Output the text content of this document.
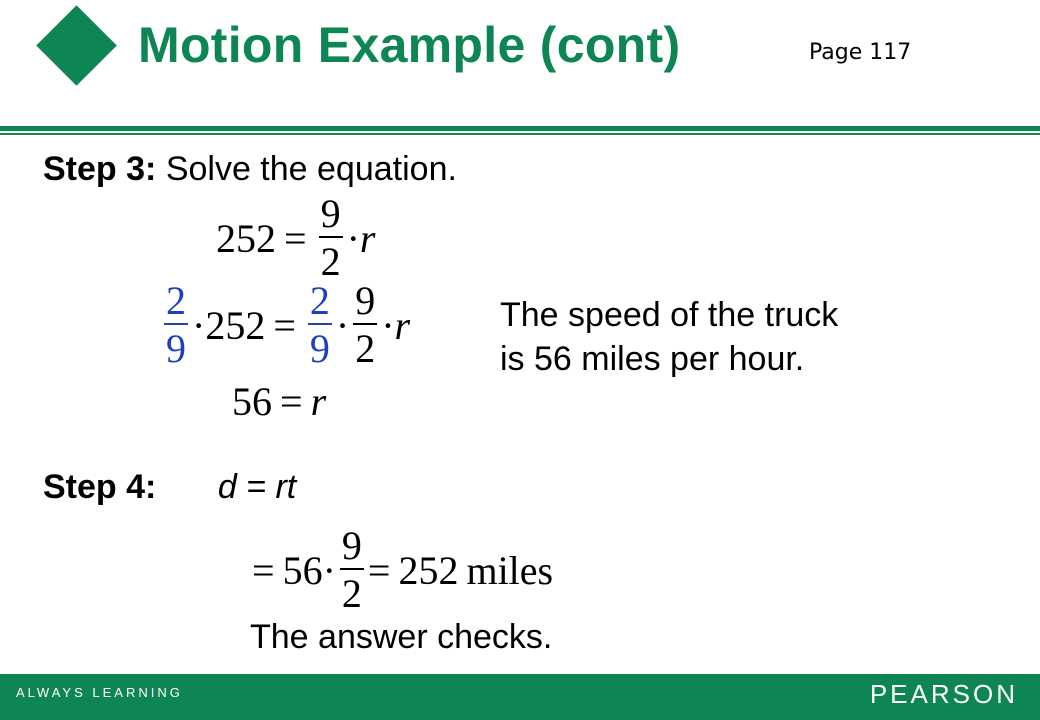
Motion Example (cont)	Page 117
Step 3: Solve the equation.
$252 = \frac{9}{2} \cdot r$
$\frac{2}{9} \cdot 252 = \frac{2}{9} \cdot \frac{9}{2} \cdot r$
56 = r
The speed of the truck
is 56 miles per hour.
Step 4: d = rt
= $56 \cdot \frac{9}{2} = 252$ miles
The answer checks.
ALWAYS LEARNING	PEARSON
